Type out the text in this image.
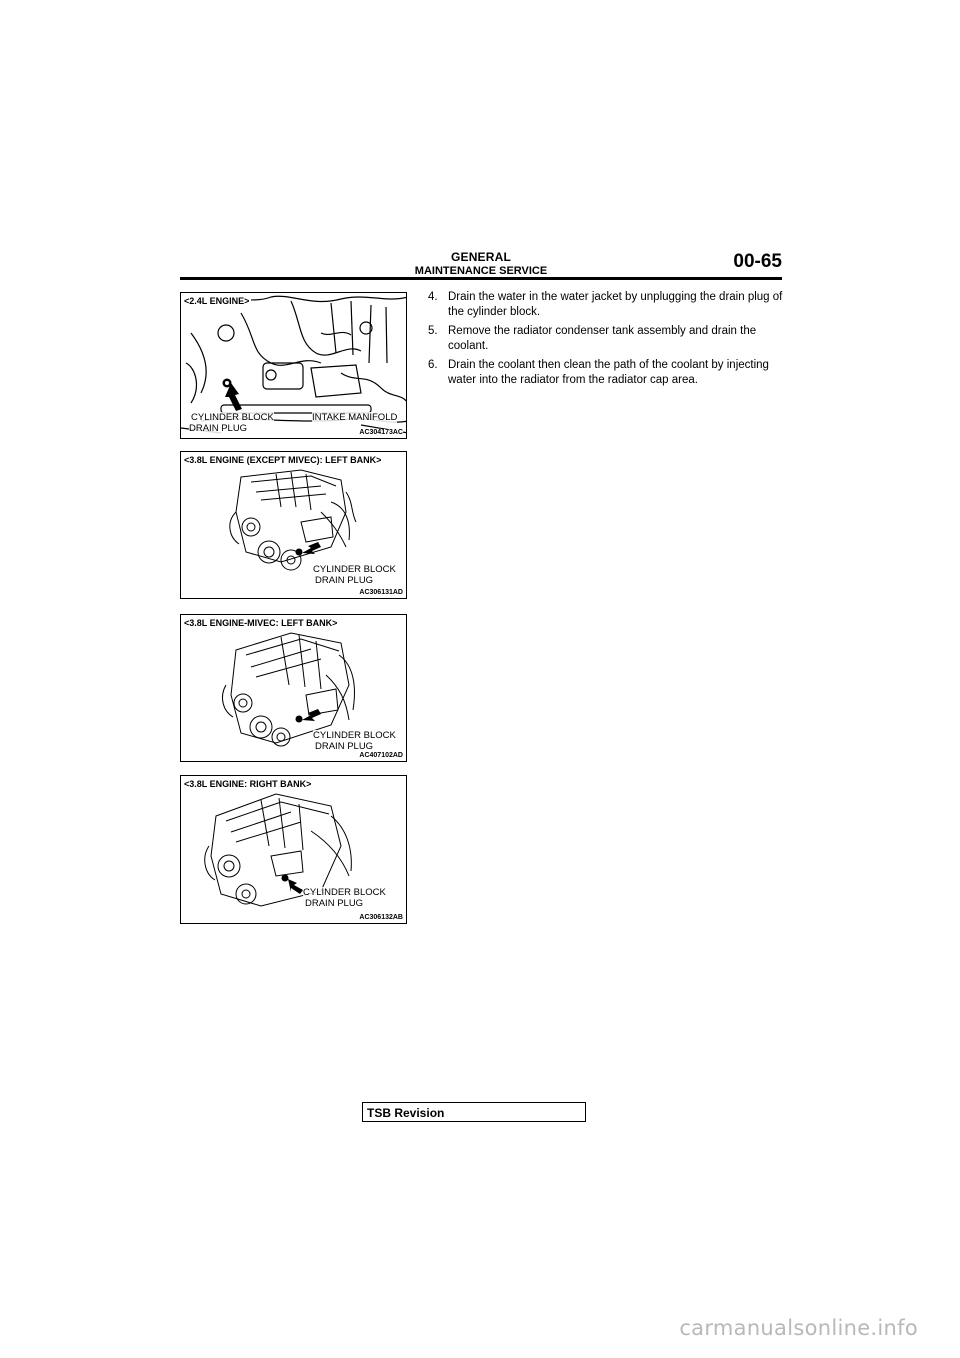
GENERAL
MAINTENANCE SERVICE	00-65
<2.4L ENGINE>
CYLINDER BLOCK
DRAIN PLUG
INTAKE MANIFOLD
AC304173AC
<3.8L ENGINE (EXCEPT MIVEC): LEFT BANK>
CYLINDER BLOCK
DRAIN PLUG
AC306131AD
<3.8L ENGINE-MIVEC: LEFT BANK>
CYLINDER BLOCK
DRAIN PLUG
AC407102AD
<3.8L ENGINE: RIGHT BANK>
CYLINDER BLOCK
DRAIN PLUG
AC306132AB
4. Drain the water in the water jacket by unplugging the drain plug of the cylinder block.
5. Remove the radiator condenser tank assembly and drain the coolant.
6. Drain the coolant then clean the path of the coolant by injecting water into the radiator from the radiator cap area.
TSB Revision
carmanualsonline.info
